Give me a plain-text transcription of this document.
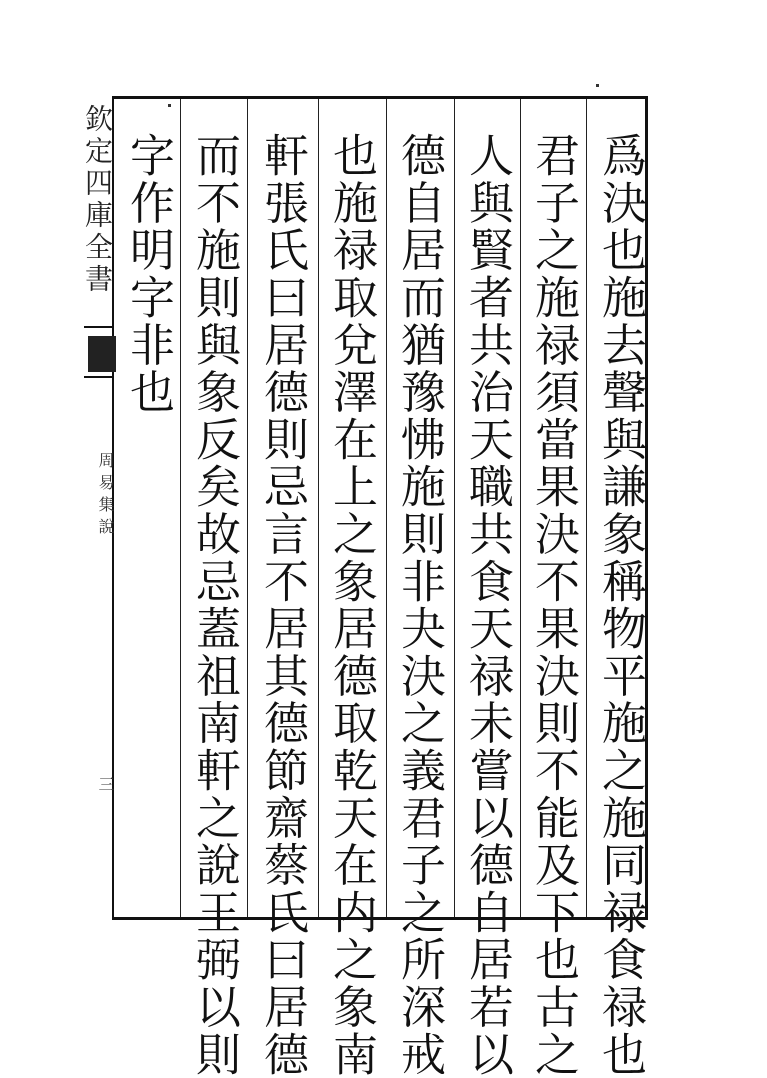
欽定四庫全書
周易集說
三	爲決也施去聲與謙象稱物平施之施同禄食禄也
君子之施禄須當果決不果決則不能及下也古之
人與賢者共治天職共食天禄未嘗以德自居若以
德自居而猶豫怫施則非夬決之義君子之所深戒
也施禄取兌澤在上之象居德取乾天在内之象南
軒張氏曰居德則忌言不居其德節齋蔡氏曰居德
而不施則與象反矣故忌蓋祖南軒之說王弼以則
字作明字非也
